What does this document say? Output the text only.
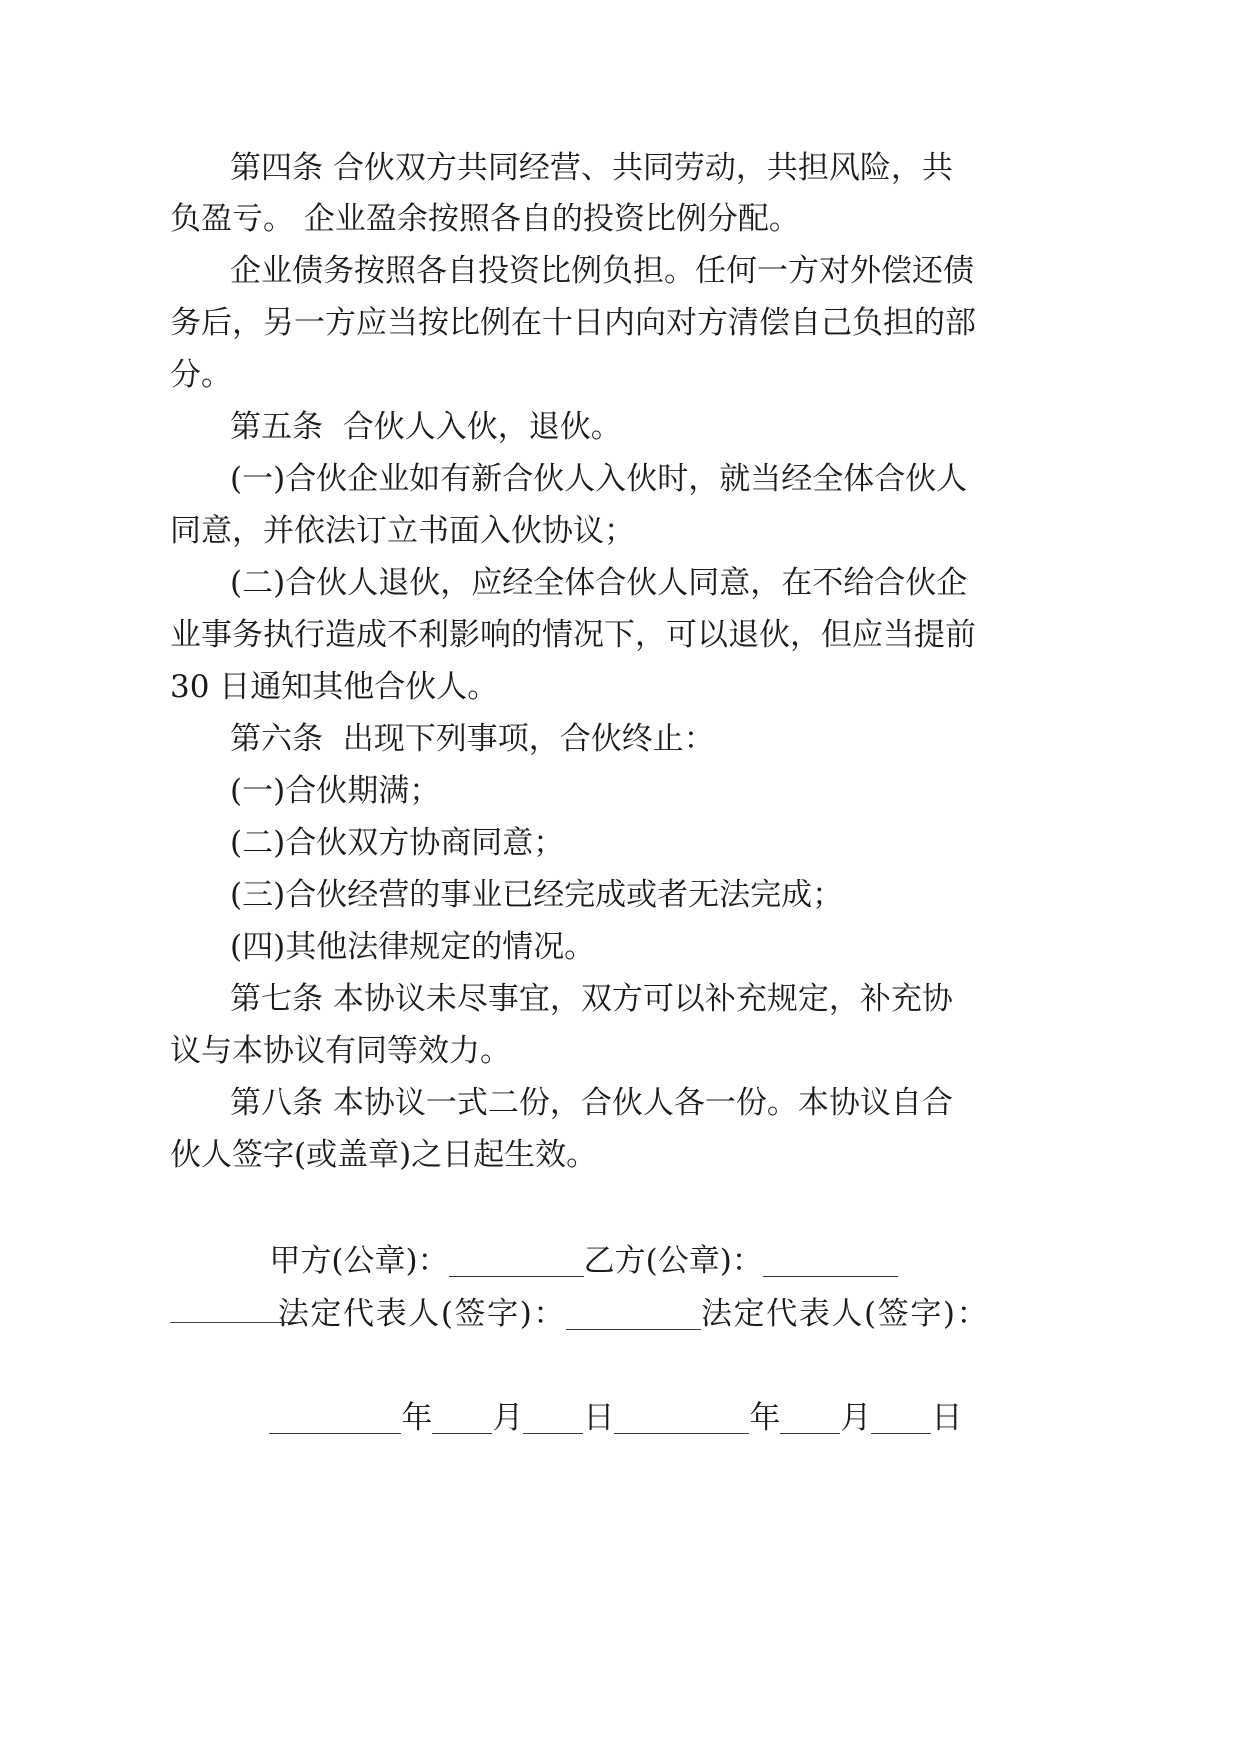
第 四 条
合 伙 双 方 共 同 经 营 、 共 同 劳 动 ， 共 担 风 险 ， 共
负盈亏。 企业盈余按照各自的投资比例分配。
企 业 债 务 按 照 各 自 投 资 比 例 负 担 。 任 何 一 方 对 外 偿 还 债
务 后 ， 另 一 方 应 当 按 比 例 在 十 日 内 向 对 方 清 偿 自 己 负 担 的 部
分。
第五条  合伙人入伙，退伙。
( 一 ) 合 伙 企 业 如 有 新 合 伙 人 入 伙 时 ， 就 当 经 全 体 合 伙 人
同意，并依法订立书面入伙协议；
( 二 ) 合 伙 人 退 伙 ， 应 经 全 体 合 伙 人 同 意 ， 在 不 给 合 伙 企
业 事 务 执 行 造 成 不 利 影 响 的 情 况 下 ， 可 以 退 伙 ， 但 应 当 提 前
30 日通知其他合伙人。
第六条  出现下列事项，合伙终止：
(一)合伙期满；
(二)合伙双方协商同意；
(三)合伙经营的事业已经完成或者无法完成；
(四)其他法律规定的情况。
第 七 条
本 协 议 未 尽 事 宜 ， 双 方 可 以 补 充 规 定 ， 补 充 协
议与本协议有同等效力。
第 八 条
本 协 议 一 式 二 份 ， 合 伙 人 各 一 份 。 本 协 议 自 合
伙人签字(或盖章)之日起生效。

甲方(公章)：	乙方(公章)：

法定代表人(签字)：	法定代表人(签字)：

年 月 日	年 月 日
